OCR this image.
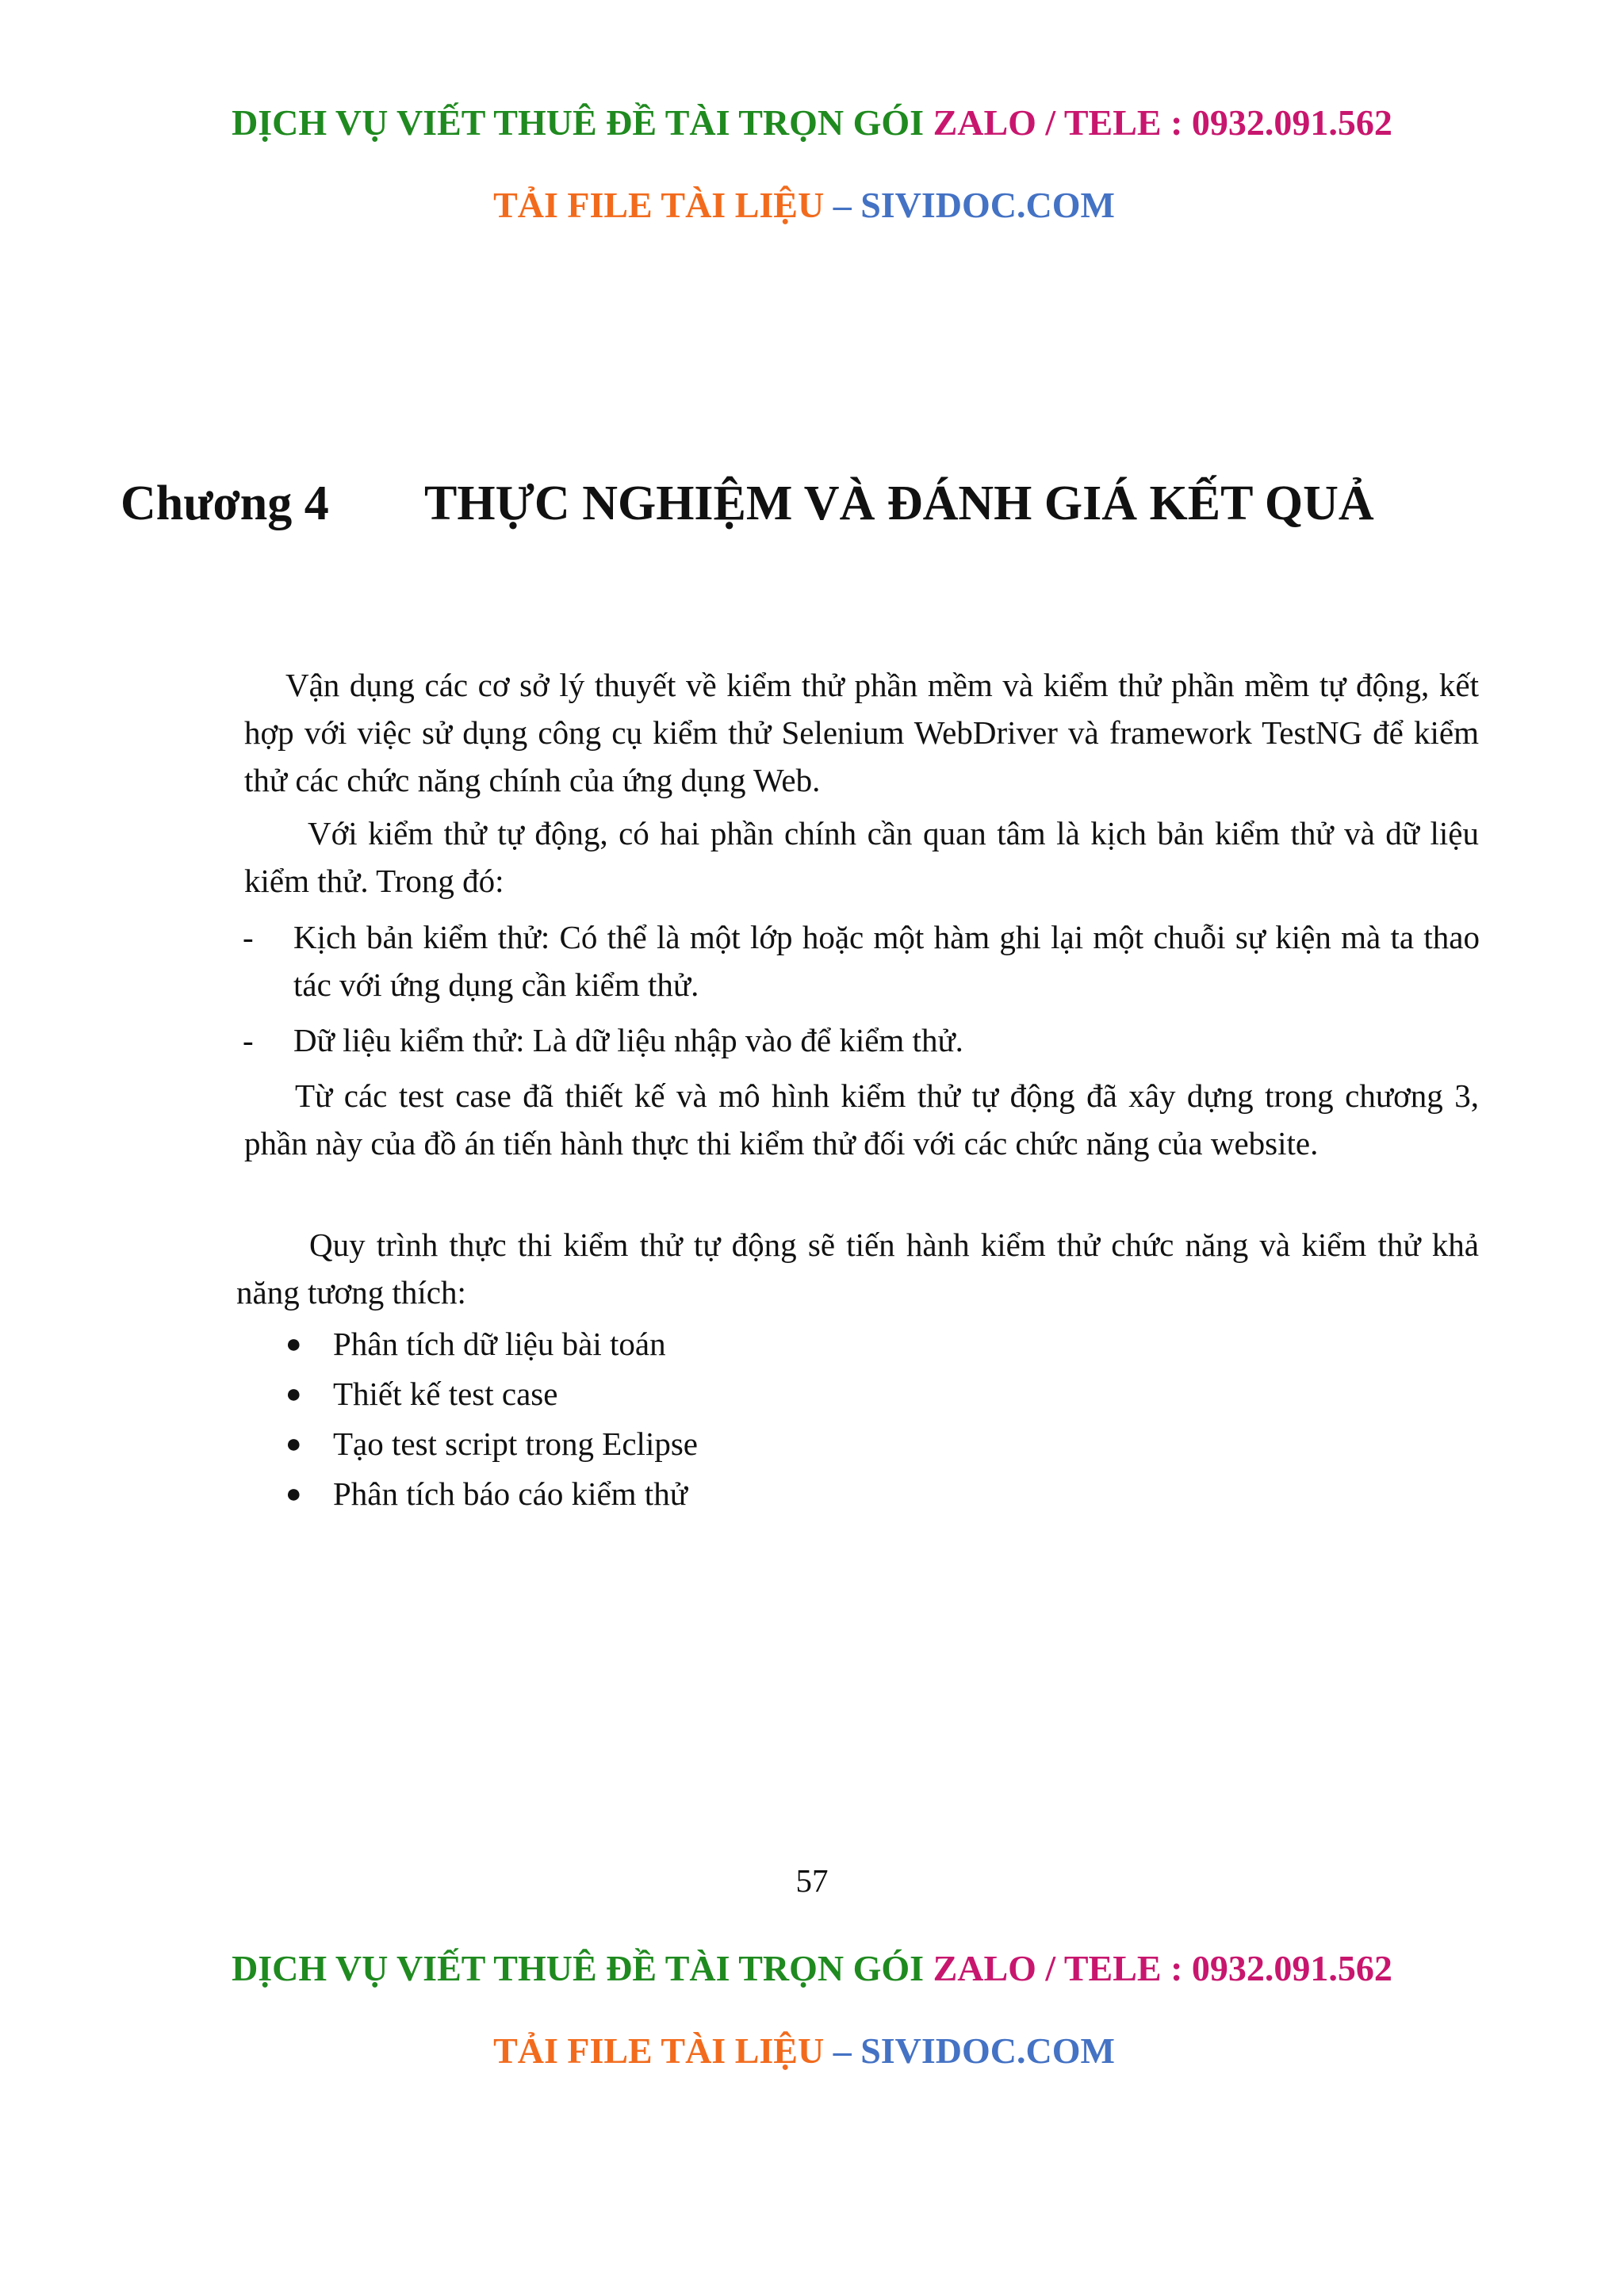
DỊCH VỤ VIẾT THUÊ ĐỀ TÀI TRỌN GÓI ZALO / TELE : 0932.091.562
TẢI FILE TÀI LIỆU – SIVIDOC.COM
Chương 4 THỰC NGHIỆM VÀ ĐÁNH GIÁ KẾT QUẢ

Vận dụng các cơ sở lý thuyết về kiểm thử phần mềm và kiểm thử phần mềm tự động, kết hợp với việc sử dụng công cụ kiểm thử Selenium WebDriver và framework TestNG để kiểm thử các chức năng chính của ứng dụng Web.

Với kiểm thử tự động, có hai phần chính cần quan tâm là kịch bản kiểm thử và dữ liệu kiểm thử. Trong đó:

- Kịch bản kiểm thử: Có thể là một lớp hoặc một hàm ghi lại một chuỗi sự kiện mà ta thao tác với ứng dụng cần kiểm thử.
- Dữ liệu kiểm thử: Là dữ liệu nhập vào để kiểm thử.

Từ các test case đã thiết kế và mô hình kiểm thử tự động đã xây dựng trong chương 3, phần này của đồ án tiến hành thực thi kiểm thử đối với các chức năng của website.

Quy trình thực thi kiểm thử tự động sẽ tiến hành kiểm thử chức năng và kiểm thử khả năng tương thích:

● Phân tích dữ liệu bài toán
● Thiết kế test case
● Tạo test script trong Eclipse
● Phân tích báo cáo kiểm thử
57
DỊCH VỤ VIẾT THUÊ ĐỀ TÀI TRỌN GÓI ZALO / TELE : 0932.091.562
TẢI FILE TÀI LIỆU – SIVIDOC.COM
